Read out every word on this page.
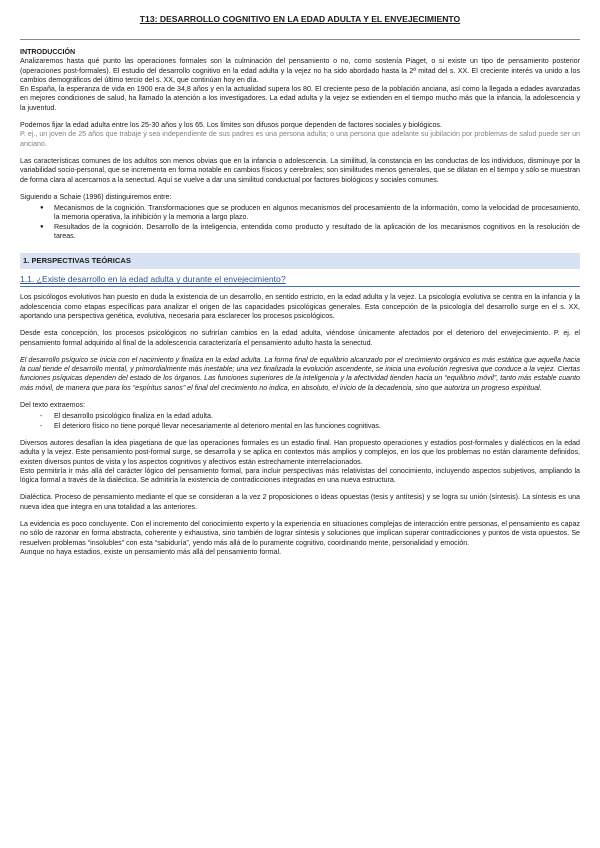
T13: DESARROLLO COGNITIVO EN LA EDAD ADULTA Y EL ENVEJECIMIENTO
INTRODUCCIÓN

Analizaremos hasta qué punto las operaciones formales son la culminación del pensamiento o no, como sostenía Piaget, o si existe un tipo de pensamiento posterior (operaciones post-formales). El estudio del desarrollo cognitivo en la edad adulta y la vejez no ha sido abordado hasta la 2ª mitad del s. XX. El creciente interés va unido a los cambios demográficos del último tercio del s. XX, que continúan hoy en día.

En España, la esperanza de vida en 1900 era de 34,8 años y en la actualidad supera los 80. El creciente peso de la población anciana, así como la llegada a edades avanzadas en mejores condiciones de salud, ha llamado la atención a los investigadores. La edad adulta y la vejez se extienden en el tiempo mucho más que la infancia, la adolescencia y la juventud.

Podemos fijar la edad adulta entre los 25-30 años y los 65. Los límites son difusos porque dependen de factores sociales y biológicos.

P. ej., un joven de 25 años que trabaje y sea independiente de sus padres es una persona adulta; o una persona que adelante su jubilación por problemas de salud puede ser un anciano.

Las características comunes de los adultos son menos obvias que en la infancia o adolescencia. La similitud, la constancia en las conductas de los individuos, disminuye por la variabilidad socio-personal, que se incrementa en forma notable en cambios físicos y cerebrales; son similitudes menos generales, que se dilatan en el tiempo y sólo se muestran de forma clara al acercarnos a la senectud. Aquí se vuelve a dar una similitud conductual por factores biológicos y sociales comunes.

Siguiendo a Schaie (1996) distinguiremos entre:

● Mecanismos de la cognición. Transformaciones que se producen en algunos mecanismos del procesamiento de la información, como la velocidad de procesamiento, la memoria operativa, la inhibición y la memoria a largo plazo.
● Resultados de la cognición. Desarrollo de la inteligencia, entendida como producto y resultado de la aplicación de los mecanismos cognitivos en la resolución de tareas.
1. PERSPECTIVAS TEÓRICAS
1.1. ¿Existe desarrollo en la edad adulta y durante el envejecimiento?

Los psicólogos evolutivos han puesto en duda la existencia de un desarrollo, en sentido estricto, en la edad adulta y la vejez. La psicología evolutiva se centra en la infancia y la adolescencia como etapas específicas para analizar el origen de las capacidades psicológicas generales. Esta concepción de la psicología del desarrollo surge en el s. XX, aportando una perspectiva genética, evolutiva, necesaria para esclarecer los procesos psicológicos.

Desde esta concepción, los procesos psicológicos no sufrirían cambios en la edad adulta, viéndose únicamente afectados por el deterioro del envejecimiento. P. ej. el pensamiento formal adquirido al final de la adolescencia caracterizaría el pensamiento adulto hasta la senectud.

El desarrollo psíquico se inicia con el nacimiento y finaliza en la edad adulta. La forma final de equilibrio alcanzado por el crecimiento orgánico es más estática que aquella hacia la cual tiende el desarrollo mental, y primordialmente más inestable; una vez finalizada la evolución ascendente, se inicia una evolución regresiva que conduce a la vejez. Ciertas funciones psíquicas dependen del estado de los órganos. Las funciones superiores de la inteligencia y la afectividad tienden hacia un “equilibrio móvil”, tanto más estable cuanto más móvil, de manera que para los “espíritus sanos” el final del crecimiento no indica, en absoluto, el inicio de la decadencia, sino que autoriza un progreso espiritual.

Del texto extraemos:

- El desarrollo psicológico finaliza en la edad adulta.
- El deterioro físico no tiene porqué llevar necesariamente al deterioro mental en las funciones cognitivas.

Diversos autores desafían la idea piagetiana de que las operaciones formales es un estadio final. Han propuesto operaciones y estadios post-formales y dialécticos en la edad adulta y la vejez. Este pensamiento post-formal surge, se desarrolla y se aplica en contextos más amplios y complejos, en los que los problemas no están claramente definidos, existen diversos puntos de vista y los aspectos cognitivos y afectivos están estrechamente interrelacionados.

Esto permitiría ir más allá del carácter lógico del pensamiento formal, para incluir perspectivas más relativistas del conocimiento, incluyendo aspectos subjetivos, ampliando la lógica formal a través de la dialéctica. Se admitiría la existencia de contradicciones integradas en una nueva estructura.

Dialéctica. Proceso de pensamiento mediante el que se consideran a la vez 2 proposiciones o ideas opuestas (tesis y antítesis) y se logra su unión (síntesis). La síntesis es una nueva idea que integra en una totalidad a las anteriores.

La evidencia es poco concluyente. Con el incremento del conocimiento experto y la experiencia en situaciones complejas de interacción entre personas, el pensamiento es capaz no sólo de razonar en forma abstracta, coherente y exhaustiva, sino también de lograr síntesis y soluciones que implican superar contradicciones y puntos de vista opuestos. Se resuelven problemas “insolubles” con esta “sabiduría”, yendo más allá de lo puramente cognitivo, coordinando mente, personalidad y emoción.

Aunque no haya estadios, existe un pensamiento más allá del pensamiento formal.
